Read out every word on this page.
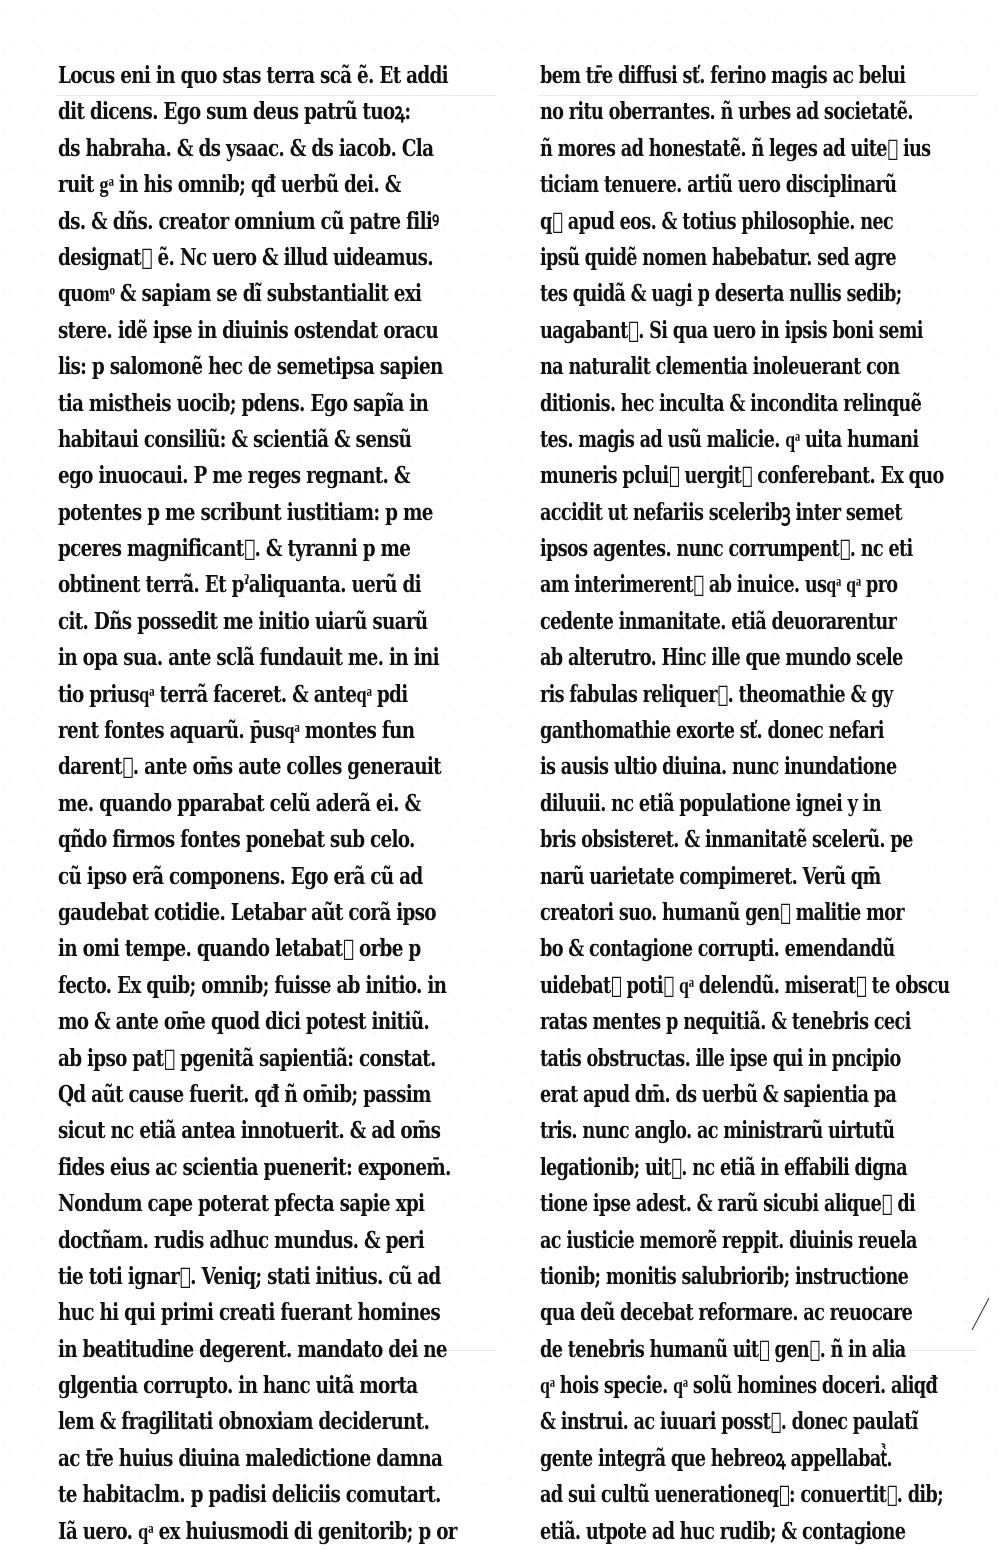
Locus eni in quo stas terra scã ẽ. Et addi
dit dicens. Ego sum deus patrũ tuoꝝ:
ds habraha. & ds ysaac. & ds iacob. Cla
ruit gͣ in his omnib; qđ uerbũ dei. &
ds. & dñs. creator omnium cũ patre filiꝰ
designatᷣ ẽ. Nc uero & illud uideamus.
quomͦ & sapiam se dĩ substantialit exi
stere. idẽ ipse in diuinis ostendat oracu
lis: p salomonẽ hec de semetipsa sapien
tia mistheis uocib; pdens. Ego sapĩa in
habitaui consiliũ: & scientiã & sensũ
ego inuocaui. P me reges regnant. &
potentes p me scribunt iustitiam: p me
pceres magnificantᷣ. & tyranni p me
obtinent terrã. Et pˀaliquanta. uerũ di
cit. Dñs possedit me initio uiarũ suarũ
in opa sua. ante sclã fundauit me. in ini
tio priusqͣ terrã faceret. & anteqͣ pdi
rent fontes aquarũ. p̄usqͣ montes fun
darentᷣ. ante om̄s aute colles generauit
me. quando pparabat celũ aderã ei. &
qñdo firmos fontes ponebat sub celo.
cũ ipso erã componens. Ego erã cũ ad
gaudebat cotidie. Letabar aũt corã ipso
in omi tempe. quando letabatᷣ orbe p
fecto. Ex quib; omnib; fuisse ab initio. in
mo & ante om̄e quod dici potest initiũ.
ab ipso patᷣ pgenitã sapientiã: constat.
Qd aũt cause fuerit. qđ ñ om̄ib; passim
sicut nc etiã antea innotuerit. & ad om̄s
fides eius ac scientia puenerit: exponem̄.
Nondum cape poterat pfecta sapie xpi
doctñam. rudis adhuc mundus. & peri
tie toti ignarᷣ. Veniq; stati initius. cũ ad
huc hi qui primi creati fuerant homines
in beatitudine degerent. mandato dei ne
glgentia corrupto. in hanc uitã morta
lem & fragilitati obnoxiam deciderunt.
ac tr̄e huius diuina maledictione damna
te habitaclm. p padisi deliciis comutart.
Iã uero. qͣ ex huiusmodi di genitorib; p or
bem tr̄e diffusi sť. ferino magis ac belui
no ritu oberrantes. ñ urbes ad societatẽ.
ñ mores ad honestatẽ. ñ leges ad uiteᷤ ius
ticiam tenuere. artiũ uero disciplinarũ
qᷣ apud eos. & totius philosophie. nec
ipsũ quidẽ nomen habebatur. sed agre
tes quidã & uagi p deserta nullis sedib;
uagabantᷣ. Si qua uero in ipsis boni semi
na naturalit clementia inoleuerant con
ditionis. hec inculta & incondita relinquẽ
tes. magis ad usũ malicie. qͣ uita humani
muneris pcluiᷤ uergitᷣ conferebant. Ex quo
accidit ut nefariis sceleribꝫ inter semet
ipsos agentes. nunc corrumpentᷣ. nc eti
am interimerentᷣ ab inuice. usqͣ qͣ pro
cedente inmanitate. etiã deuorarentur
ab alterutro. Hinc ille que mundo scele
ris fabulas reliquerᷣ. theomathie & gy
ganthomathie exorte sť. donec nefari
is ausis ultio diuina. nunc inundatione
diluuii. nc etiã populatione ignei y in
bris obsisteret. & inmanitatẽ scelerũ. pe
narũ uarietate compimeret. Verũ qm̄
creatori suo. humanũ genᷣ malitie mor
bo & contagione corrupti. emendandũ
uidebatᷣ potiᷤ qͣ delendũ. miseratᷤ te obscu
ratas mentes p nequitiã. & tenebris ceci
tatis obstructas. ille ipse qui in pncipio
erat apud dm̄. ds uerbũ & sapientia pa
tris. nunc anglo. ac ministrarũ uirtutũ
legationib; uitᷣ. nc etiã in effabili digna
tione ipse adest. & rarũ sicubi aliqueᷤ di
ac iusticie memorẽ reppit. diuinis reuela
tionib; monitis salubriorib; instructione
qua deũ decebat reformare. ac reuocare
de tenebris humanũ uitᷣ genᷣ. ñ in alia
qͣ hois specie. qͣ solũ homines doceri. aliqđ
& instrui. ac iuuari posstᷣ. donec paulatĩ
gente integrã que hebreoꝝ appellabatᷣ.
ad sui cultũ uenerationeqᷣ: conuertitᷣ. dib;
etiã. utpote ad huc rudib; & contagione
